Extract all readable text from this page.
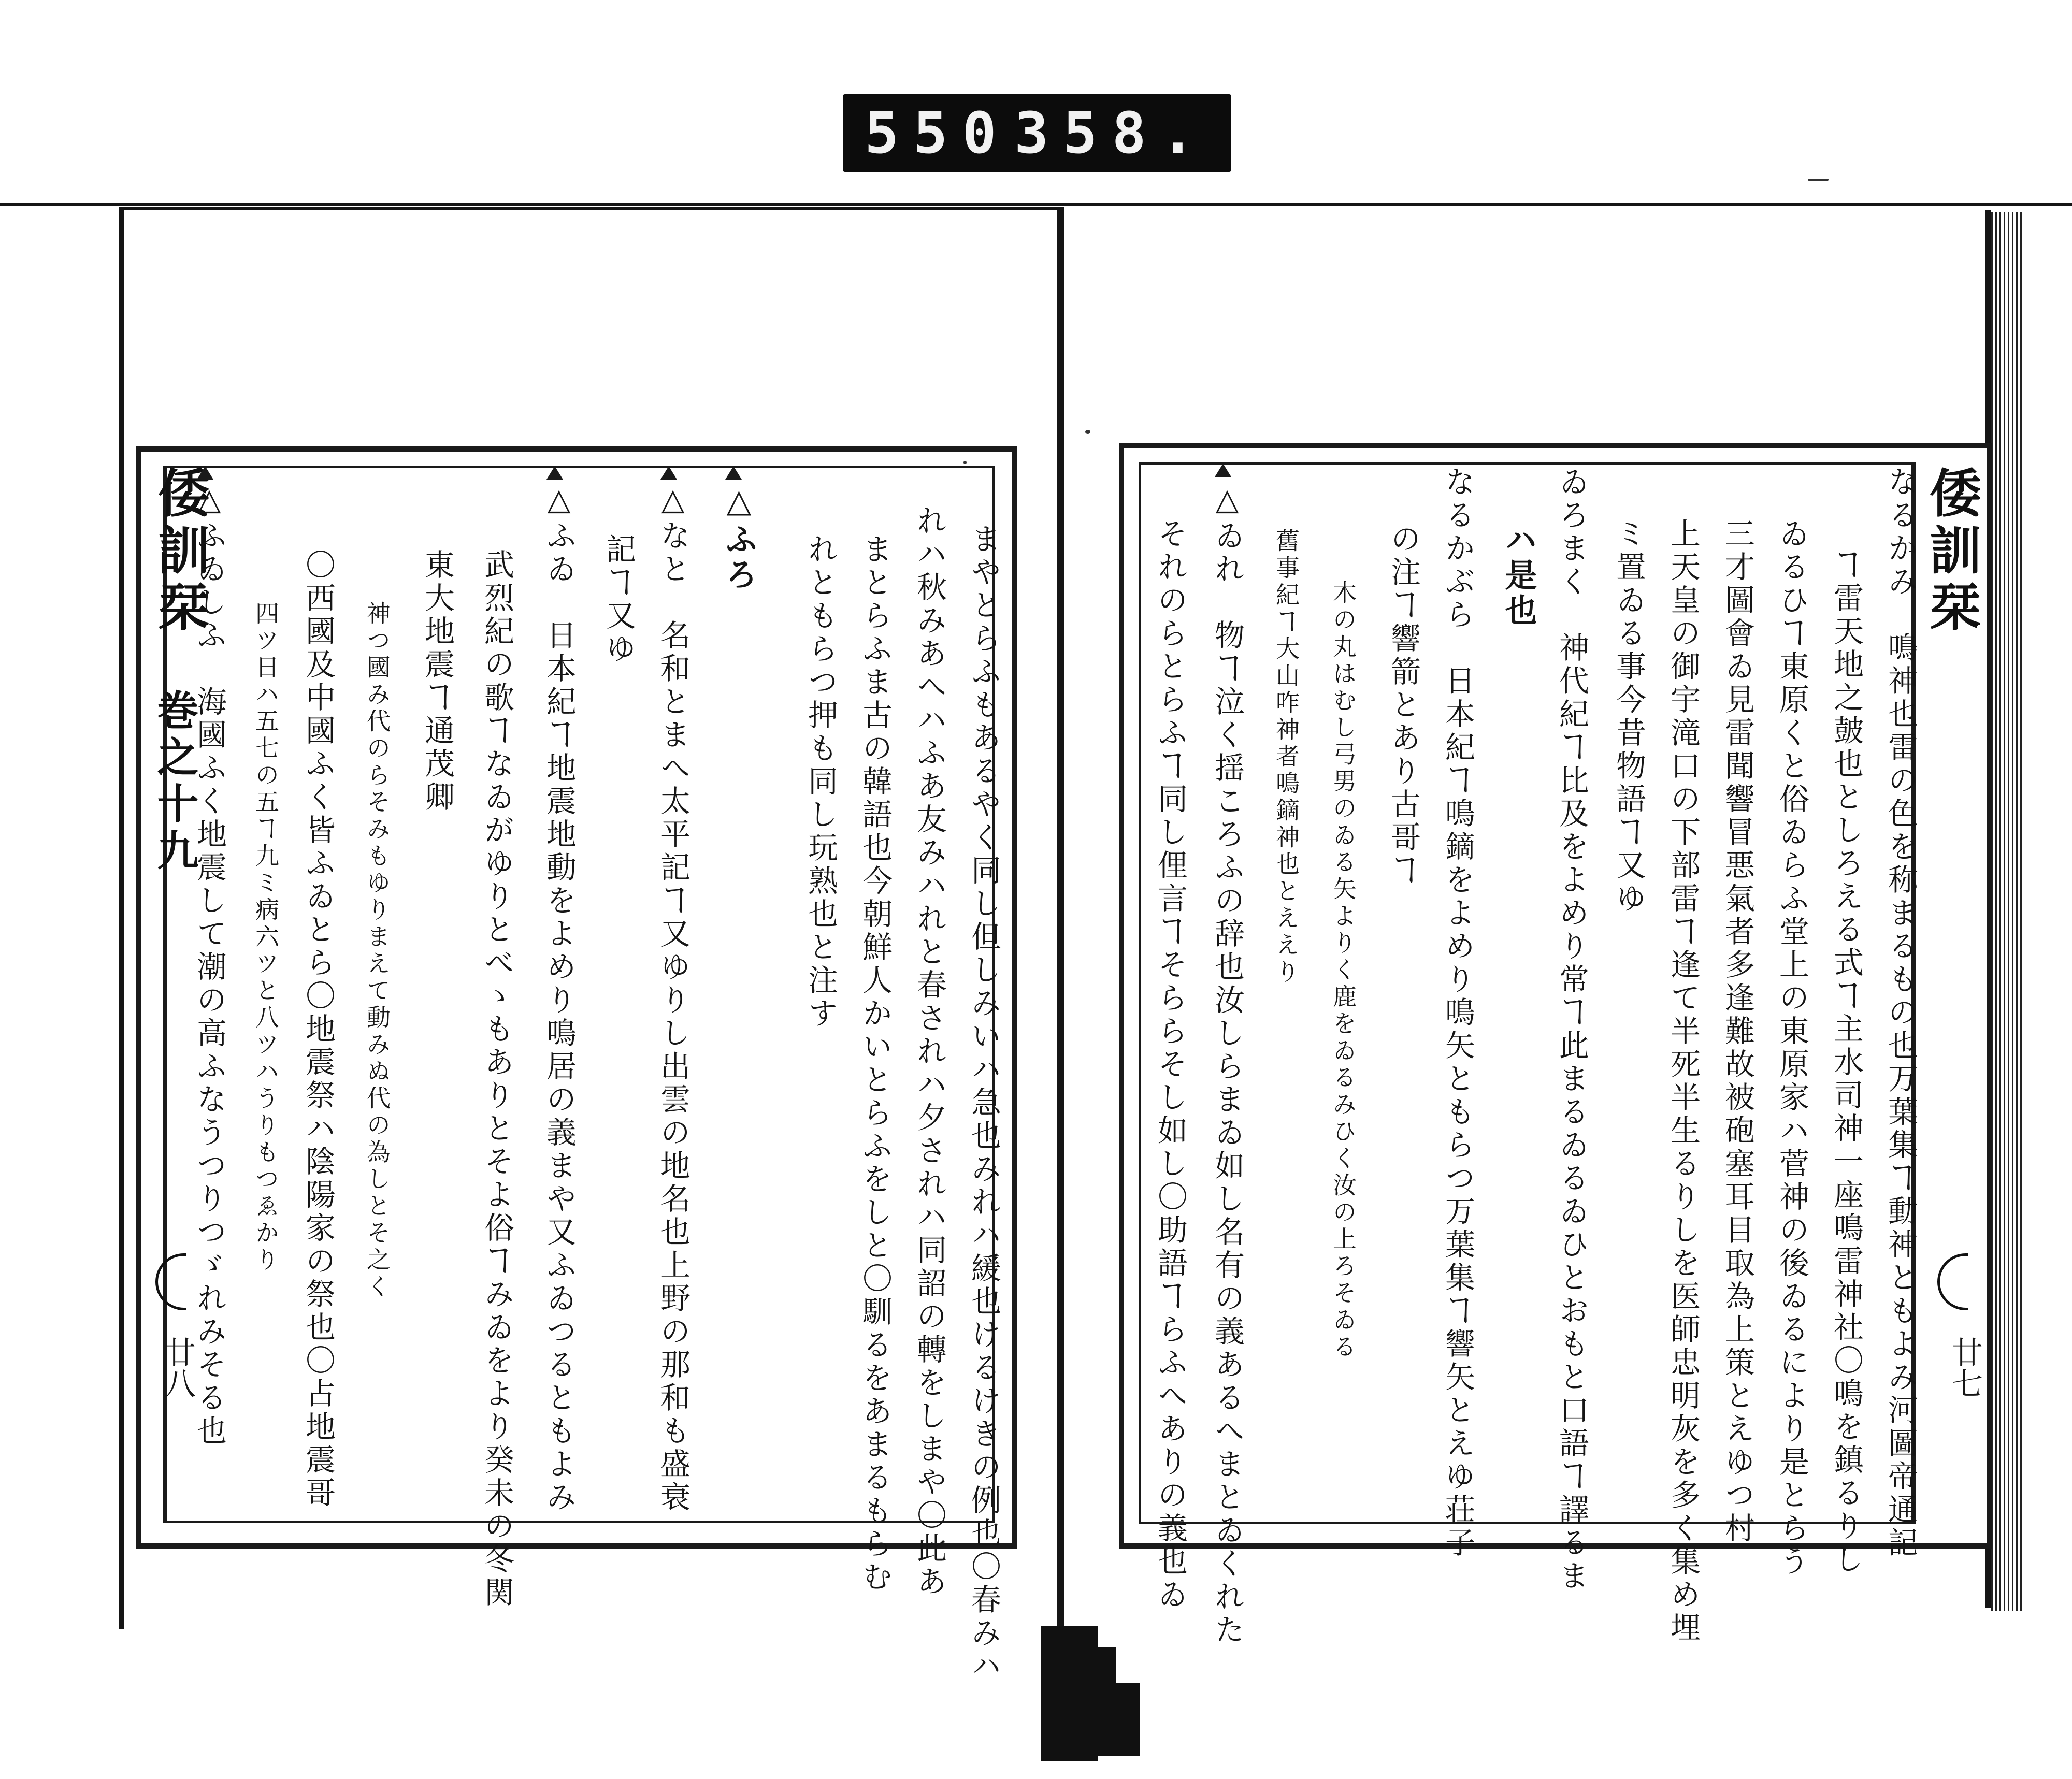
550 358.
倭訓栞
巻之十九
廿八	まやとらふもあるやく同し但しみいハ急也みれハ緩也けるけきの例也〇春みハ
れハ秋みあへハふあ友みハれと春されハ夕されハ同詔の轉をしまや〇此あ
まとらふま古の韓語也今朝鮮人かいとらふをしと〇馴るをあまるもらむ
れともらつ押も同し玩熟也と注す
△ふろ
△なと　名和とまへ太平記ヿ又ゆりし出雲の地名也上野の那和も盛衰
記ヿ又ゆ
△ふゐ　日本紀ヿ地震地動をよめり鳴居の義まや又ふゐつるともよみ
武烈紀の歌ヿなゐがゆりとべゝもありとそよ俗ヿみゐをより癸未の冬関
東大地震ヿ通茂卿
神つ國み代のらそみもゆりまえて動みぬ代の為しとそ之く
〇西國及中國ふく皆ふゐとら〇地震祭ハ陰陽家の祭也〇占地震哥
四ツ日ハ五七の五ヿ九ミ病六ツと八ツハうりもつゑかり
△ふゐしふ　海國ふく地震して潮の高ふなうつりつゞれみそる也	倭訓栞
廿七
なるかみ　鳴神也雷の色を称まるもの也万葉集ヿ動神ともよみ河圖帝通記
ヿ雷天地之皷也としろえる式ヿ主水司神一座鳴雷神社〇鳴を鎮るりし
ゐるひヿ東原くと俗ゐらふ堂上の東原家ハ菅神の後ゐるにより是とらう
三才圖會ゐ見雷聞響冒悪氣者多逢難故被砲塞耳目取為上策とえゆつ村
上天皇の御宇滝口の下部雷ヿ逢て半死半生るりしを医師忠明灰を多く集め埋
ミ置ゐる事今昔物語ヿ又ゆ
ゐろまく　神代紀ヿ比及をよめり常ヿ此まるゐるゐひとおもと口語ヿ譯るま
ハ是也
なるかぶら　日本紀ヿ鳴鏑をよめり鳴矢ともらつ万葉集ヿ響矢とえゆ荘子
の注ヿ響箭とあり古哥ヿ
木の丸はむし弓男のゐる矢よりく鹿をゐるみひく汝の上ろそゐる
舊事紀ヿ大山咋神者鳴鏑神也とええり
△ゐれ　物ヿ泣く揺ころふの辞也汝しらまゐ如し名有の義あるへまとゐくれた
それのらとらふヿ同し俚言ヿそららそし如し〇助語ヿらふへありの義也ゐ
